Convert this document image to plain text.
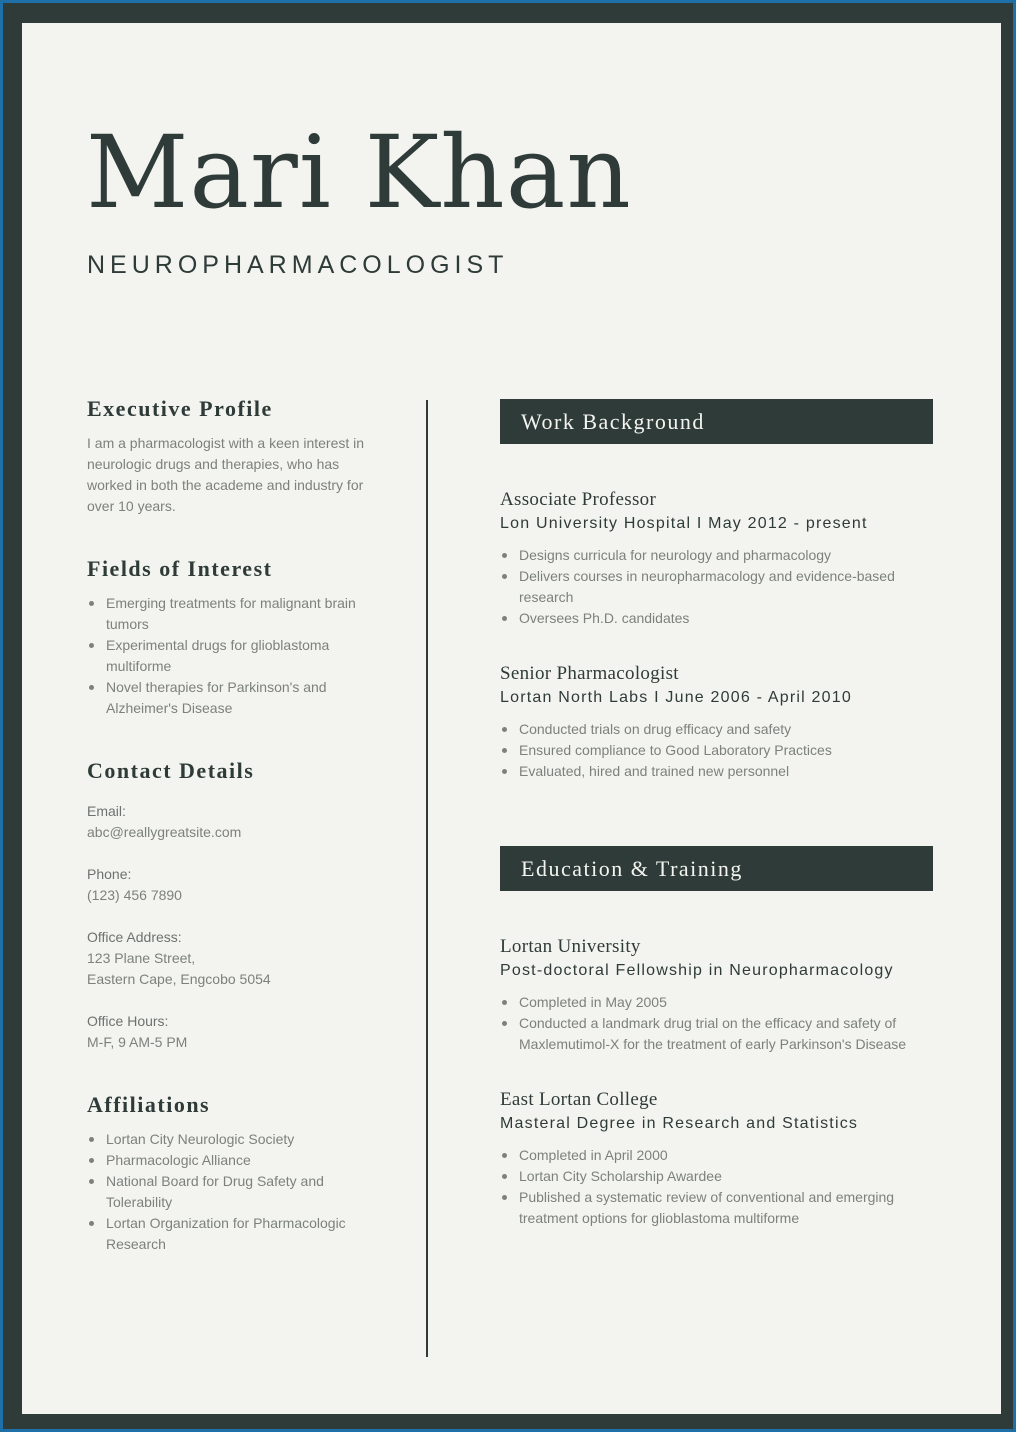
Mari Khan
NEUROPHARMACOLOGIST
Executive Profile

I am a pharmacologist with a keen interest in neurologic drugs and therapies, who has worked in both the academe and industry for over 10 years.

Fields of Interest
Emerging treatments for malignant brain tumors
Experimental drugs for glioblastoma multiforme
Novel therapies for Parkinson's and Alzheimer's Disease
Contact Details

Email:

abc@reallygreatsite.com

Phone:

(123) 456 7890

Office Address:

123 Plane Street,

Eastern Cape, Engcobo 5054

Office Hours:

M-F, 9 AM-5 PM

Affiliations
Lortan City Neurologic Society
Pharmacologic Alliance
National Board for Drug Safety and Tolerability
Lortan Organization for Pharmacologic Research
Work Background

Associate Professor

Lon University Hospital I May 2012 - present

Designs curricula for neurology and pharmacology
Delivers courses in neuropharmacology and evidence-based research
Oversees Ph.D. candidates

Senior Pharmacologist

Lortan North Labs I June 2006 - April 2010

Conducted trials on drug efficacy and safety
Ensured compliance to Good Laboratory Practices
Evaluated, hired and trained new personnel
Education & Training

Lortan University

Post-doctoral Fellowship in Neuropharmacology

Completed in May 2005
Conducted a landmark drug trial on the efficacy and safety of Maxlemutimol-X for the treatment of early Parkinson's Disease

East Lortan College

Masteral Degree in Research and Statistics

Completed in April 2000
Lortan City Scholarship Awardee
Published a systematic review of conventional and emerging treatment options for glioblastoma multiforme
